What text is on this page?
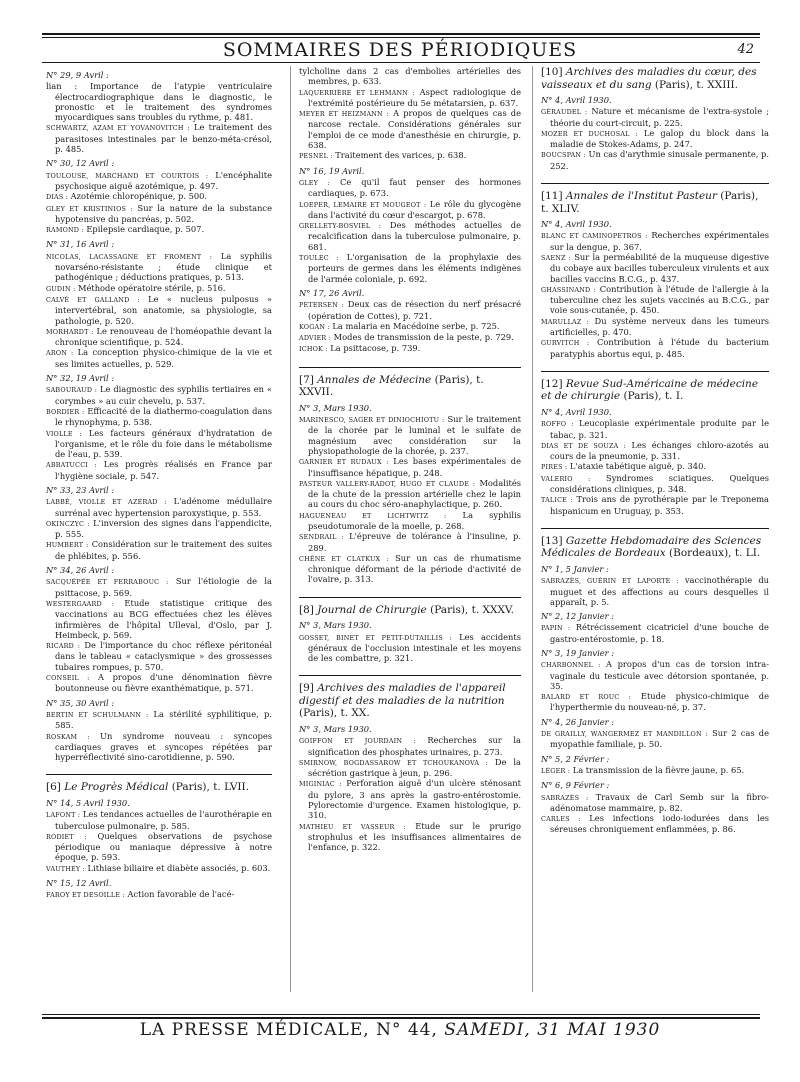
SOMMAIRES DES PÉRIODIQUES	42
N° 29, 9 Avril :

lian : Importance de l'atypie ventriculaire électrocardiographique dans le diagnostic, le pronostic et le traitement des syndromes myocardiques sans troubles du rythme, p. 481.

SCHWARTZ, AZAM ET YOVANOVITCH : Le traitement des parasitoses intestinales par le benzo-méta-crésol, p. 485.

N° 30, 12 Avril :

TOULOUSE, MARCHAND ET COURTOIS : L'encéphalite psychosique aiguë azotémique, p. 497.

DIAS : Azotémie chloropénique, p. 500.

GLEY ET KRISTINIOS : Sur la nature de la substance hypotensive du pancréas, p. 502.

RAMOND : Epilepsie cardiaque, p. 507.

N° 31, 16 Avril :

NICOLAS, LACASSAGNE ET FROMENT : La syphilis novarséno-résistante ; étude clinique et pathogénique ; déductions pratiques, p. 513.

GUDIN : Méthode opératoire stérile, p. 516.

CALVÉ ET GALLAND : Le « nucleus pulposus » intervertébral, son anatomie, sa physiologie, sa pathologie, p. 520.

MORHARDT : Le renouveau de l'homéopathie devant la chronique scientifique, p. 524.

ARON : La conception physico-chimique de la vie et ses limites actuelles, p. 529.

N° 32, 19 Avril :

SABOURAUD : Le diagnostic des syphilis tertiaires en « corymbes » au cuir chevelu, p. 537.

BORDIER : Efficacité de la diathermo-coagulation dans le rhynophyma, p. 538.

VIOLLE : Les facteurs généraux d'hydratation de l'organisme, et le rôle du foie dans le métabolisme de l'eau, p. 539.

ABBATUCCI : Les progrès réalisés en France par l'hygiène sociale, p. 547.

N° 33, 23 Avril :

LABBÉ, VIOLLE ET AZÉRAD : L'adénome médullaire surrénal avec hypertension paroxystique, p. 553.

OKINCZYC : L'inversion des signes dans l'appendicite, p. 555.

HUMBERT : Considération sur le traitement des suites de phlébites, p. 556.

N° 34, 26 Avril :

SACQUÉPÉE ET FERRABOUC : Sur l'étiologie de la psittacose, p. 569.

WESTERGAARD : Etude statistique critique des vaccinations au BCG effectuées chez les élèves infirmières de l'hôpital Ulleval, d'Oslo, par J. Heimbeck, p. 569.

RICARD : De l'importance du choc réflexe péritonéal dans le tableau « cataclysmique » des grossesses tubaires rompues, p. 570.

CONSEIL : A propos d'une dénomination fièvre boutonneuse ou fièvre exanthématique, p. 571.

N° 35, 30 Avril :

BERTIN ET SCHULMANN : La stérilité syphilitique, p. 585.

ROSKAM : Un syndrome nouveau : syncopes cardiaques graves et syncopes répétées par hyperréflectivité sino-carotidienne, p. 590.

[6] Le Progrès Médical (Paris), t. LVII.
N° 14, 5 Avril 1930.

LAFONT : Les tendances actuelles de l'aurothérapie en tuberculose pulmonaire, p. 585.

RODIET : Quelques observations de psychose périodique ou maniaque dépressive à notre époque, p. 593.

VAUTHEY : Lithiase biliaire et diabète associés, p. 603.

N° 15, 12 Avril.

FAROY ET DESOILLE : Action favorable de l'acé-

tylcholine dans 2 cas d'embolies artérielles des membres, p. 633.

LAQUERRIÈRE ET LEHMANN : Aspect radiologique de l'extrémité postérieure du 5e métatarsien, p. 637.

MEYER ET HEIZMANN : A propos de quelques cas de narcose rectale. Considérations générales sur l'emploi de ce mode d'anesthésie en chirurgie, p. 638.

PESNEL : Traitement des varices, p. 638.

N° 16, 19 Avril.

GLEY : Ce qu'il faut penser des hormones cardiaques, p. 673.

LOEPER, LEMAIRE ET MOUGEOT : Le rôle du glycogène dans l'activité du cœur d'escargot, p. 678.

GRELLETY-BOSVIEL : Des méthodes actuelles de recalcification dans la tuberculose pulmonaire, p. 681.

TOULEC : L'organisation de la prophylaxie des porteurs de germes dans les éléments indigènes de l'armée coloniale, p. 692.

N° 17, 26 Avril.

PETERSEN : Deux cas de résection du nerf présacré (opération de Cottes), p. 721.

KOGAN : La malaria en Macédoine serbe, p. 725.

ADVIER : Modes de transmission de la peste, p. 729.

ICHOK : La psittacose, p. 739.

[7] Annales de Médecine (Paris), t. XXVII.
N° 3, Mars 1930.

MARINESCO, SAGER ET DINIOCHIOTU : Sur le traitement de la chorée par le luminal et le sulfate de magnésium avec considération sur la physiopathologie de la chorée, p. 237.

GARNIER ET RUDAUX : Les bases expérimentales de l'insuffisance hépatique, p. 248.

PASTEUR VALLERY-RADOT, HUGO ET CLAUDE : Modalités de la chute de la pression artérielle chez le lapin au cours du choc séro-anaphylactique, p. 260.

HAGUENEAU ET LICHTWITZ : La syphilis pseudotumorale de la moelle, p. 268.

SENDRAIL : L'épreuve de tolérance à l'insuline, p. 289.

CHÊNE ET CLATKUX : Sur un cas de rhumatisme chronique déformant de la période d'activité de l'ovaire, p. 313.

[8] Journal de Chirurgie (Paris), t. XXXV.
N° 3, Mars 1930.

GOSSET, BINET ET PETIT-DUTAILLIS : Les accidents généraux de l'occlusion intestinale et les moyens de les combattre, p. 321.

[9] Archives des maladies de l'appareil digestif et des maladies de la nutrition (Paris), t. XX.
N° 3, Mars 1930.

GOIFFON ET JOURDAIN : Recherches sur la signification des phosphates urinaires, p. 273.

SMIRNOW, BOGDASSAROW ET TCHOUKANOVA : De la sécrétion gastrique à jeun, p. 296.

MIGINIAC : Perforation aiguë d'un ulcère sténosant du pylore, 3 ans après la gastro-entérostomie. Pylorectomie d'urgence. Examen histologique, p. 310.

MATHIEU ET VASSEUR : Etude sur le prurigo strophulus et les insuffisances alimentaires de l'enfance, p. 322.

[10] Archives des maladies du cœur, des vaisseaux et du sang (Paris), t. XXIII.
N° 4, Avril 1930.

GÉRAUDEL : Nature et mécanisme de l'extra-systole ; théorie du court-circuit, p. 225.

MOZER ET DUCHOSAL : Le galop du block dans la maladie de Stokes-Adams, p. 247.

BOUCSPAN : Un cas d'arythmie sinusale permanente, p. 252.

[11] Annales de l'Institut Pasteur (Paris), t. XLIV.
N° 4, Avril 1930.

BLANC ET CAMINOPETROS : Recherches expérimentales sur la dengue, p. 367.

SAENZ : Sur la perméabilité de la muqueuse digestive du cobaye aux bacilles tuberculeux virulents et aux bacilles vaccins B.C.G., p. 437.

GHASSINAND : Contribution à l'étude de l'allergie à la tuberculine chez les sujets vaccinés au B.C.G., par voie sous-cutanée, p. 450.

MARULLAZ : Du système nerveux dans les tumeurs artificielles, p. 470.

GURVITCH : Contribution à l'étude du bacterium paratyphis abortus equi, p. 485.

[12] Revue Sud-Américaine de médecine et de chirurgie (Paris), t. I.
N° 4, Avril 1930.

ROFFO : Leucoplasie expérimentale produite par le tabac, p. 321.

DIAS ET DE SOUZA : Les échanges chloro-azotés au cours de la pneumonie, p. 331.

PIRES : L'ataxie tabétique aiguë, p. 340.

VALERIO : Syndromes sciatiques. Quelques considérations cliniques, p. 348.

TALICE : Trois ans de pyrothérapie par le Treponema hispanicum en Uruguay, p. 353.

[13] Gazette Hebdomadaire des Sciences Médicales de Bordeaux (Bordeaux), t. LI.
N° 1, 5 Janvier :

SABRAZÈS, GUÉRIN ET LAPORTE : vaccinothérapie du muguet et des affections au cours desquelles il apparaît, p. 5.

N° 2, 12 Janvier :

PAPIN : Rétrécissement cicatriciel d'une bouche de gastro-entérostomie, p. 18.

N° 3, 19 Janvier :

CHARBONNEL : A propos d'un cas de torsion intra-vaginale du testicule avec détorsion spontanée, p. 35.

BALARD ET ROUC : Etude physico-chimique de l'hyperthermie du nouveau-né, p. 37.

N° 4, 26 Janvier :

DE GRAILLY, WANGERMEZ ET MANDILLON : Sur 2 cas de myopathie familiale, p. 50.

N° 5, 2 Février :

LÉGER : La transmission de la fièvre jaune, p. 65.

N° 6, 9 Février :

SABRAZÈS : Travaux de Carl Semb sur la fibro-adénomatose mammaire, p. 82.

CARLES : Les infections iodo-iodurées dans les séreuses chroniquement enflammées, p. 86.

LA PRESSE MÉDICALE, N° 44, SAMEDI, 31 MAI 1930
